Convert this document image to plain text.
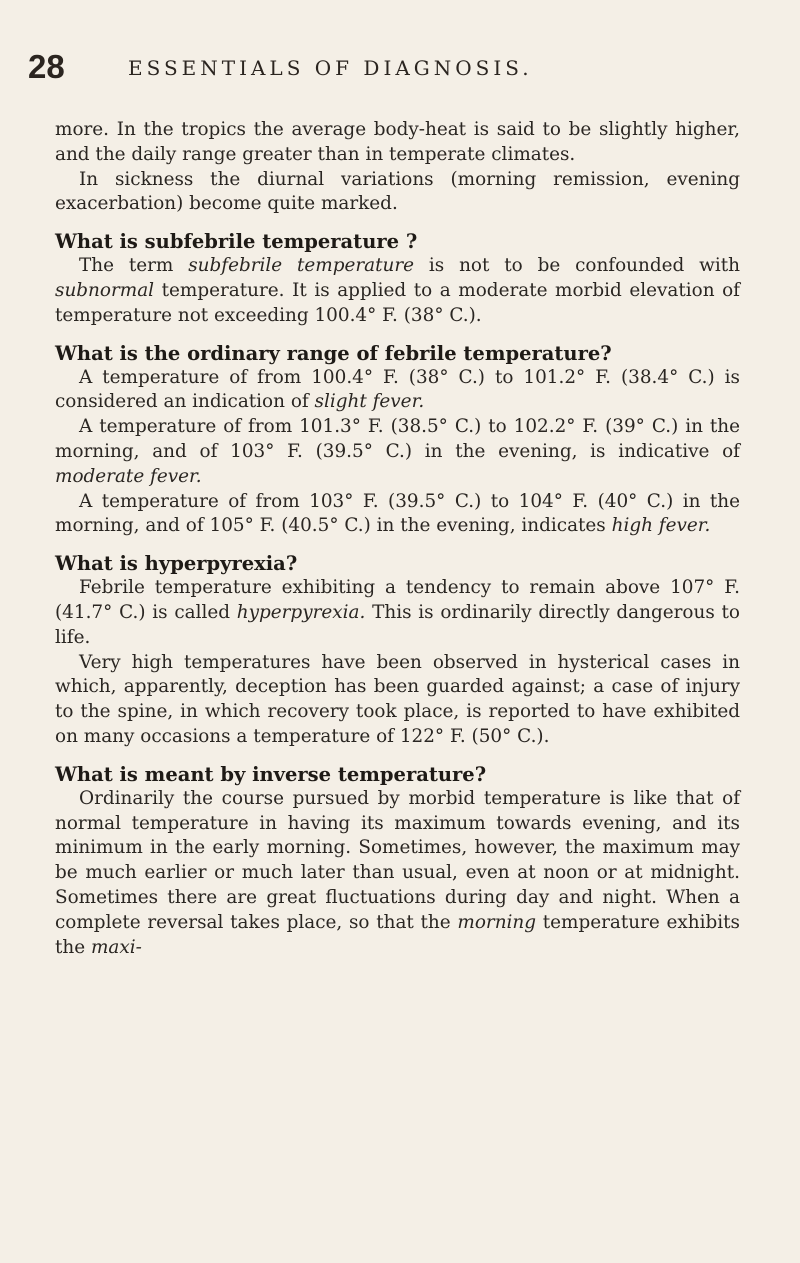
28	ESSENTIALS OF DIAGNOSIS.

more. In the tropics the average body-heat is said to be slightly higher, and the daily range greater than in temperate climates.

In sickness the diurnal variations (morning remission, evening exacerbation) become quite marked.

What is subfebrile temperature ?

The term subfebrile temperature is not to be confounded with subnormal temperature. It is applied to a moderate morbid elevation of temperature not exceeding 100.4° F. (38° C.).

What is the ordinary range of febrile temperature?

A temperature of from 100.4° F. (38° C.) to 101.2° F. (38.4° C.) is considered an indication of slight fever.

A temperature of from 101.3° F. (38.5° C.) to 102.2° F. (39° C.) in the morning, and of 103° F. (39.5° C.) in the evening, is indicative of moderate fever.

A temperature of from 103° F. (39.5° C.) to 104° F. (40° C.) in the morning, and of 105° F. (40.5° C.) in the evening, indicates high fever.

What is hyperpyrexia?

Febrile temperature exhibiting a tendency to remain above 107° F. (41.7° C.) is called hyperpyrexia. This is ordinarily directly dangerous to life.

Very high temperatures have been observed in hysterical cases in which, apparently, deception has been guarded against; a case of injury to the spine, in which recovery took place, is reported to have exhibited on many occasions a temperature of 122° F. (50° C.).

What is meant by inverse temperature?

Ordinarily the course pursued by morbid temperature is like that of normal temperature in having its maximum towards evening, and its minimum in the early morning. Sometimes, however, the maximum may be much earlier or much later than usual, even at noon or at midnight. Sometimes there are great fluctuations during day and night. When a complete reversal takes place, so that the morning temperature exhibits the maxi-
